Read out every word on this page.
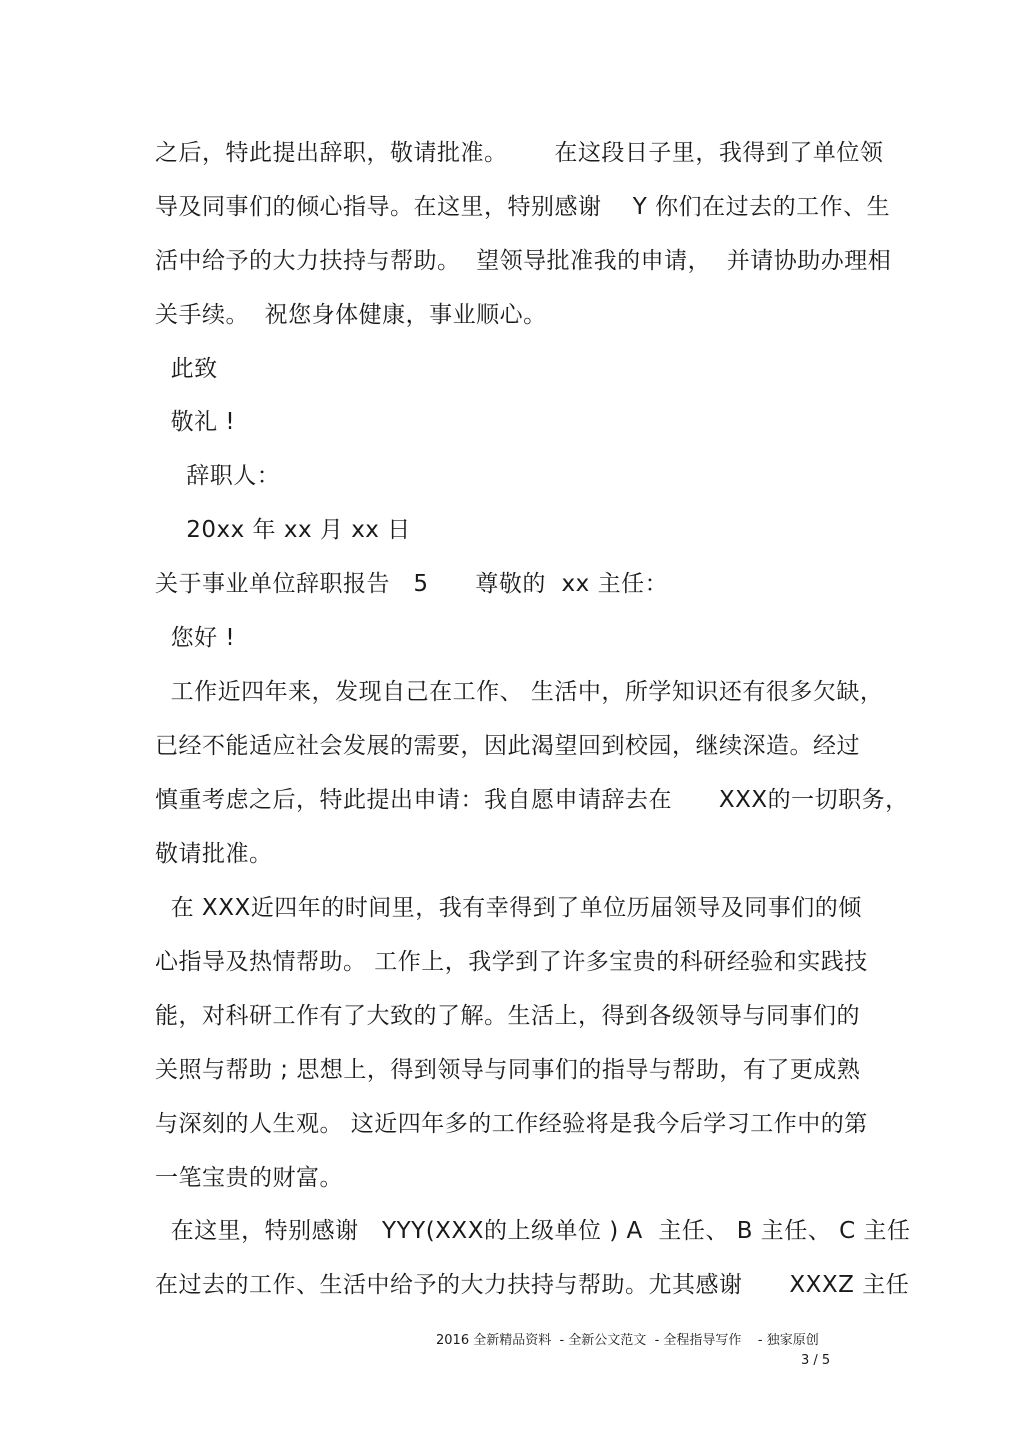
之后，特此提出辞职，敬请批准。      在这段日子里，我得到了单位领
导及同事们的倾心指导。在这里，特别感谢    Y 你们在过去的工作、生
活中给予的大力扶持与帮助。  望领导批准我的申请，  并请协助办理相
关手续。  祝您身体健康，事业顺心。
此致
敬礼 !
辞职人：
20xx 年 xx 月 xx 日
关于事业单位辞职报告   5      尊敬的  xx 主任：
您好 !
工作近四年来，发现自己在工作、 生活中，所学知识还有很多欠缺，
已经不能适应社会发展的需要，因此渴望回到校园，继续深造。经过
慎重考虑之后，特此提出申请：我自愿申请辞去在      XXX的一切职务，
敬请批准。
在 XXX近四年的时间里，我有幸得到了单位历届领导及同事们的倾
心指导及热情帮助。 工作上，我学到了许多宝贵的科研经验和实践技
能，对科研工作有了大致的了解。生活上，得到各级领导与同事们的
关照与帮助 ; 思想上，得到领导与同事们的指导与帮助，有了更成熟
与深刻的人生观。 这近四年多的工作经验将是我今后学习工作中的第
一笔宝贵的财富。
在这里，特别感谢   YYY(XXX的上级单位 ) A  主任、 B 主任、 C 主任
在过去的工作、生活中给予的大力扶持与帮助。尤其感谢      XXXZ 主任
2016 全新精品资料  - 全新公文范文  - 全程指导写作    - 独家原创
3 / 5
